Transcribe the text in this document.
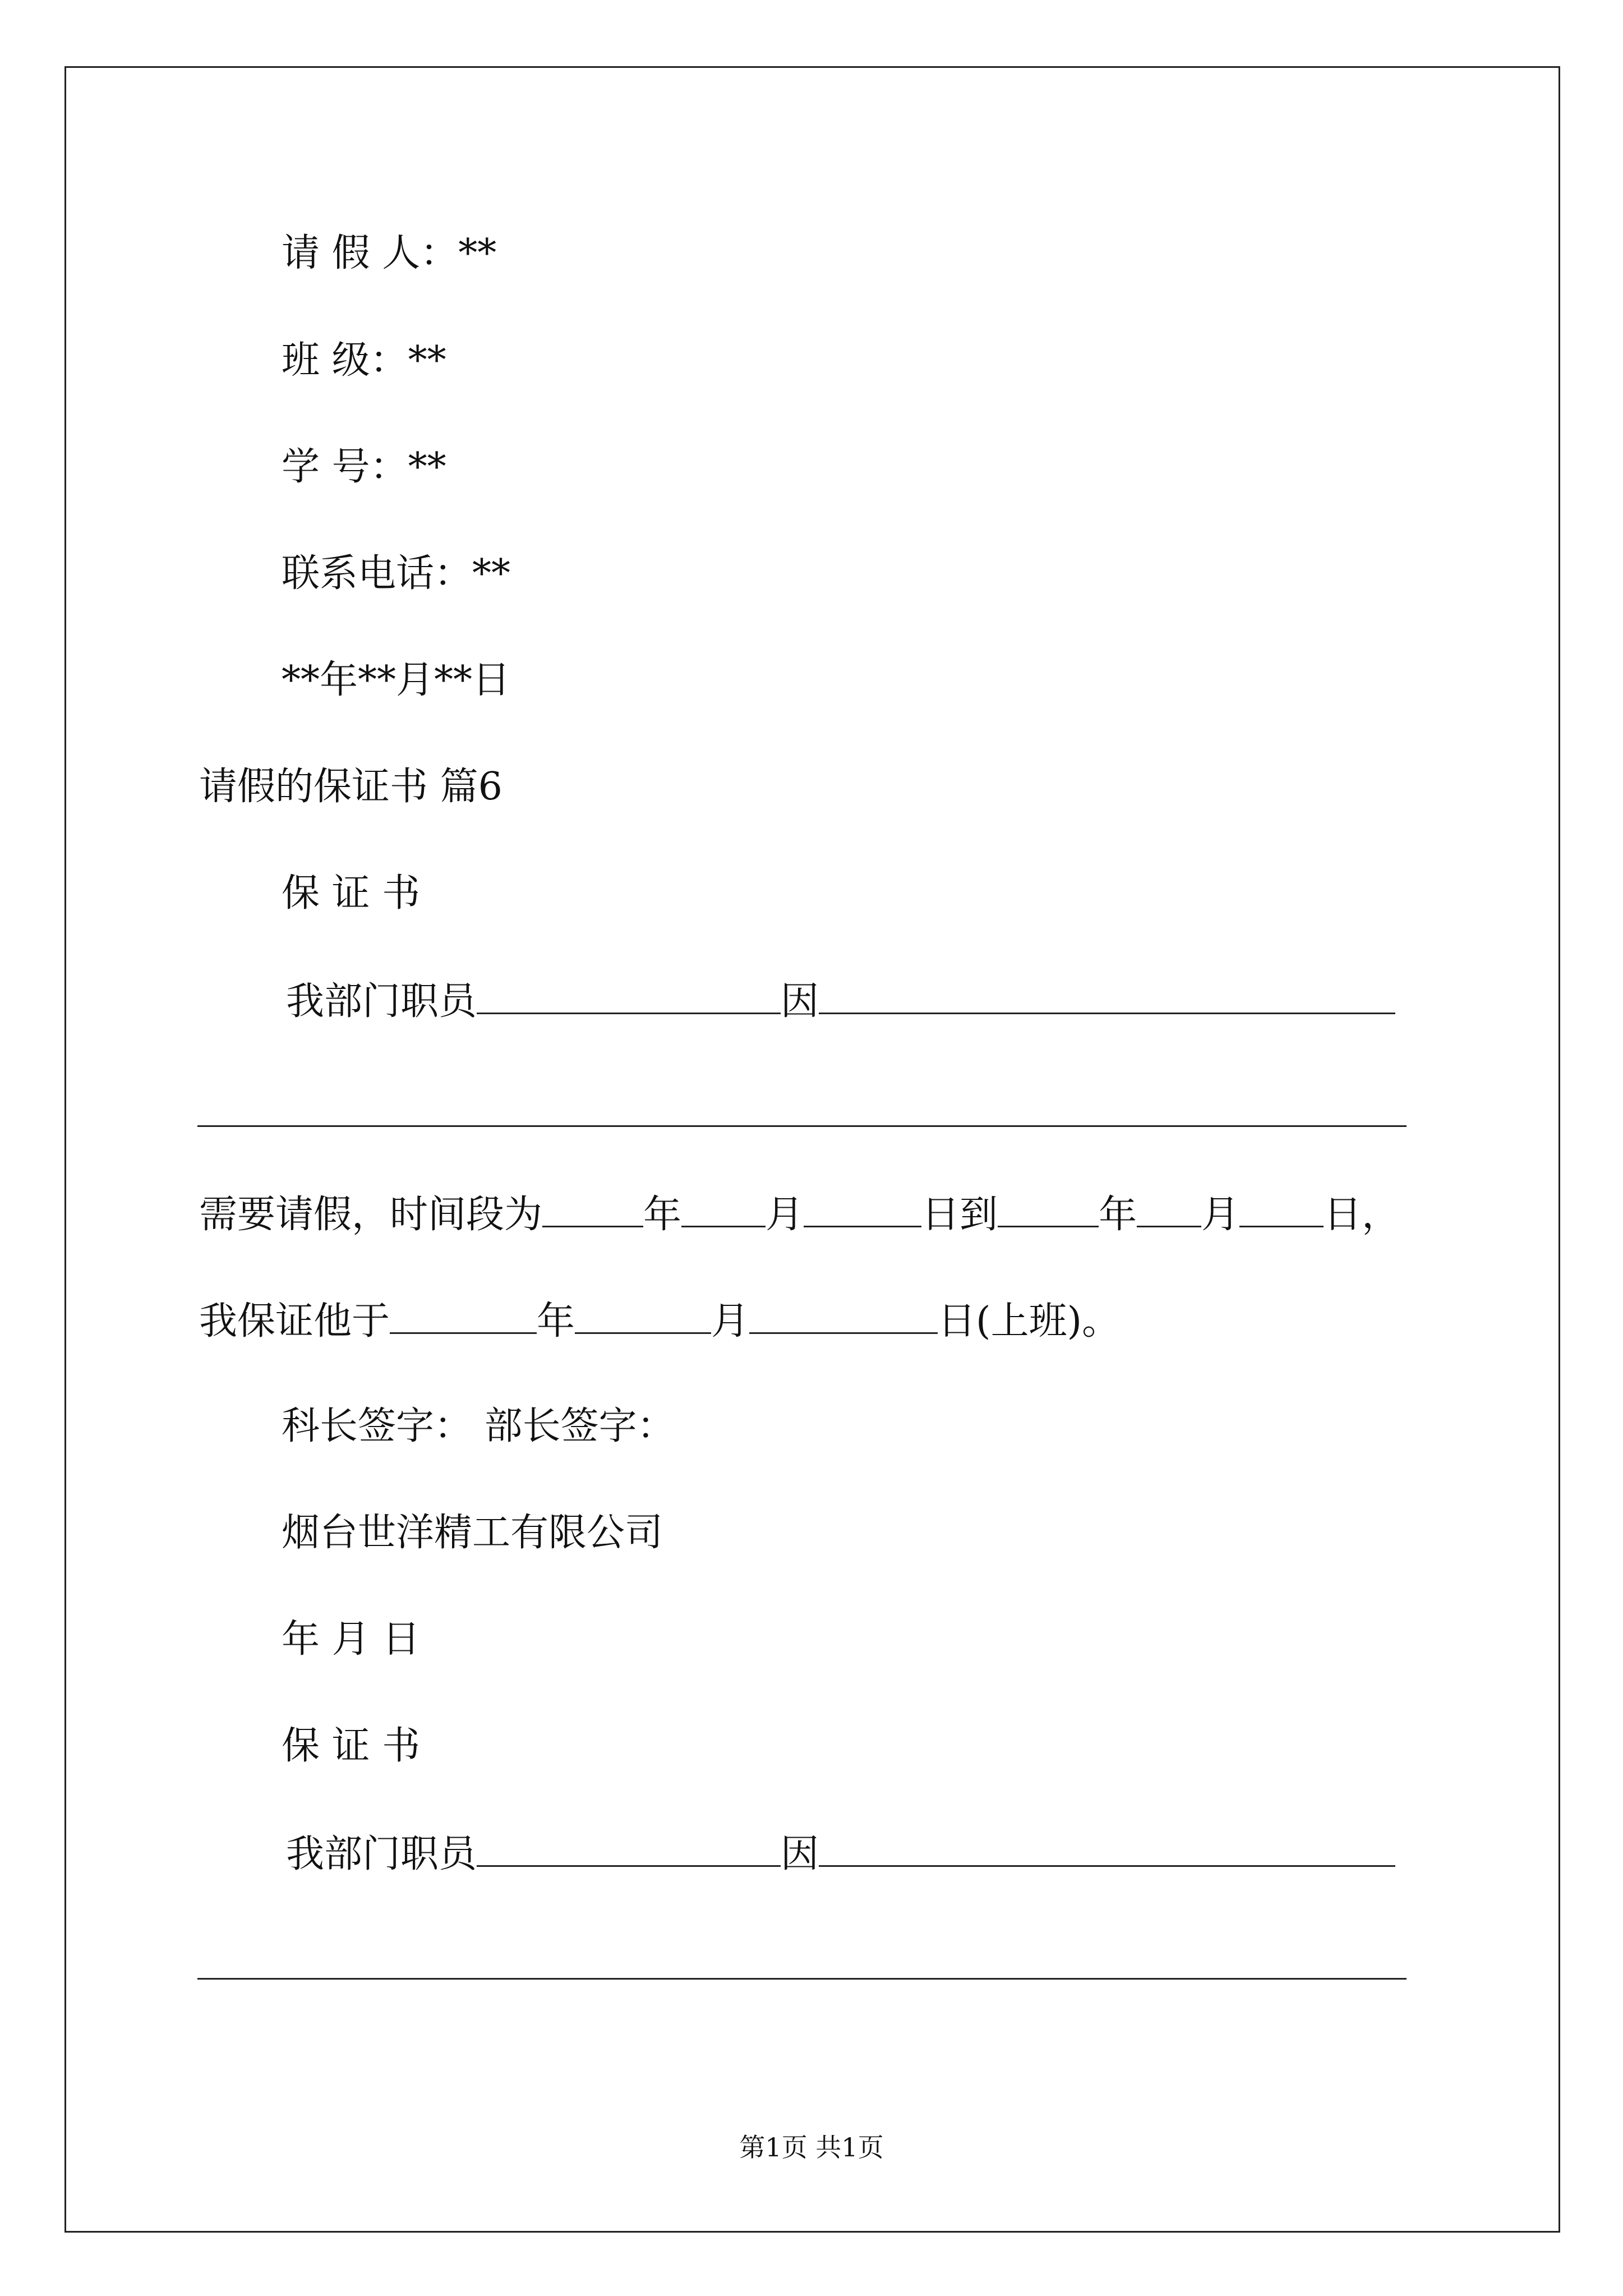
请 假 人：**
班 级：**
学 号：**
联系电话：**
**年**月**日
请假的保证书 篇6
保 证 书
我部门职员	因
需要请假，时间段为	年 月	日到	年 月 日，
我保证他于	年	月	日(上班)。
科长签字： 部长签字：
烟台世洋精工有限公司
年 月 日
保 证 书
我部门职员	因
第1页 共1页
